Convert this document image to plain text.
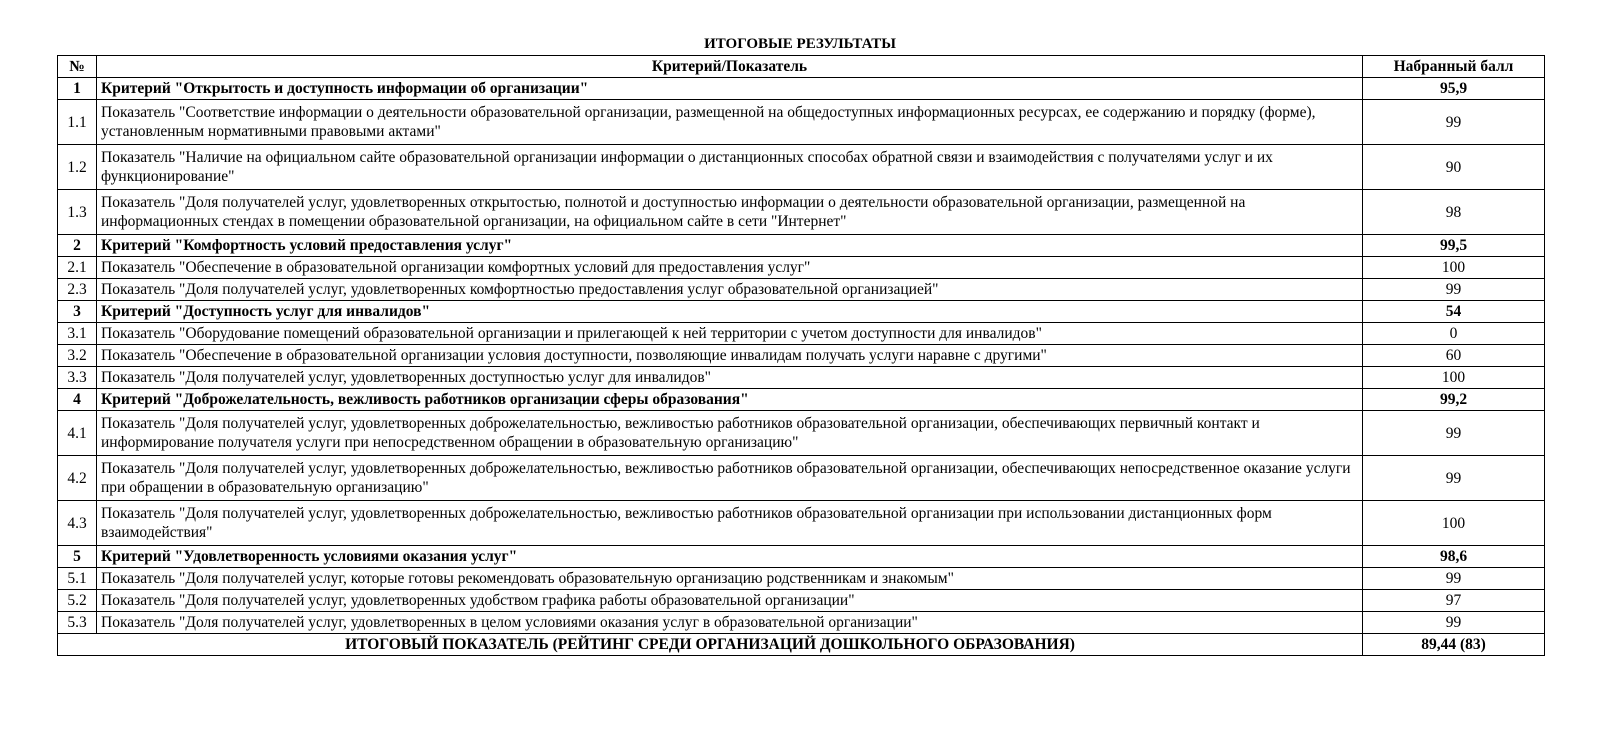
ИТОГОВЫЕ РЕЗУЛЬТАТЫ
№	Критерий/Показатель	Набранный балл
1	Критерий "Открытость и доступность информации об организации"	95,9
1.1	Показатель "Соответствие информации о деятельности образовательной организации, размещенной на общедоступных информационных ресурсах, ее содержанию и порядку (форме), установленным нормативными правовыми актами"	99
1.2	Показатель "Наличие на официальном сайте образовательной организации информации о дистанционных способах обратной связи и взаимодействия с получателями услуг и их функционирование"	90
1.3	Показатель "Доля получателей услуг, удовлетворенных открытостью, полнотой и доступностью информации о деятельности образовательной организации, размещенной на информационных стендах в помещении образовательной организации, на официальном сайте в сети "Интернет"	98
2	Критерий "Комфортность условий предоставления услуг"	99,5
2.1	Показатель "Обеспечение в образовательной организации комфортных условий для предоставления услуг"	100
2.3	Показатель "Доля получателей услуг, удовлетворенных комфортностью предоставления услуг образовательной организацией"	99
3	Критерий "Доступность услуг для инвалидов"	54
3.1	Показатель "Оборудование помещений образовательной организации и прилегающей к ней территории с учетом доступности для инвалидов"	0
3.2	Показатель "Обеспечение в образовательной организации условия доступности, позволяющие инвалидам получать услуги наравне с другими"	60
3.3	Показатель "Доля получателей услуг, удовлетворенных доступностью услуг для инвалидов"	100
4	Критерий "Доброжелательность, вежливость работников организации сферы образования"	99,2
4.1	Показатель "Доля получателей услуг, удовлетворенных доброжелательностью, вежливостью работников образовательной организации, обеспечивающих первичный контакт и информирование получателя услуги при непосредственном обращении в образовательную организацию"	99
4.2	Показатель "Доля получателей услуг, удовлетворенных доброжелательностью, вежливостью работников образовательной организации, обеспечивающих непосредственное оказание услуги при обращении в образовательную организацию"	99
4.3	Показатель "Доля получателей услуг, удовлетворенных доброжелательностью, вежливостью работников образовательной организации при использовании дистанционных форм взаимодействия"	100
5	Критерий "Удовлетворенность условиями оказания услуг"	98,6
5.1	Показатель "Доля получателей услуг, которые готовы рекомендовать образовательную организацию родственникам и знакомым"	99
5.2	Показатель "Доля получателей услуг, удовлетворенных удобством графика работы образовательной организации"	97
5.3	Показатель "Доля получателей услуг, удовлетворенных в целом условиями оказания услуг в образовательной организации"	99
ИТОГОВЫЙ ПОКАЗАТЕЛЬ (РЕЙТИНГ СРЕДИ ОРГАНИЗАЦИЙ ДОШКОЛЬНОГО ОБРАЗОВАНИЯ)		89,44 (83)
